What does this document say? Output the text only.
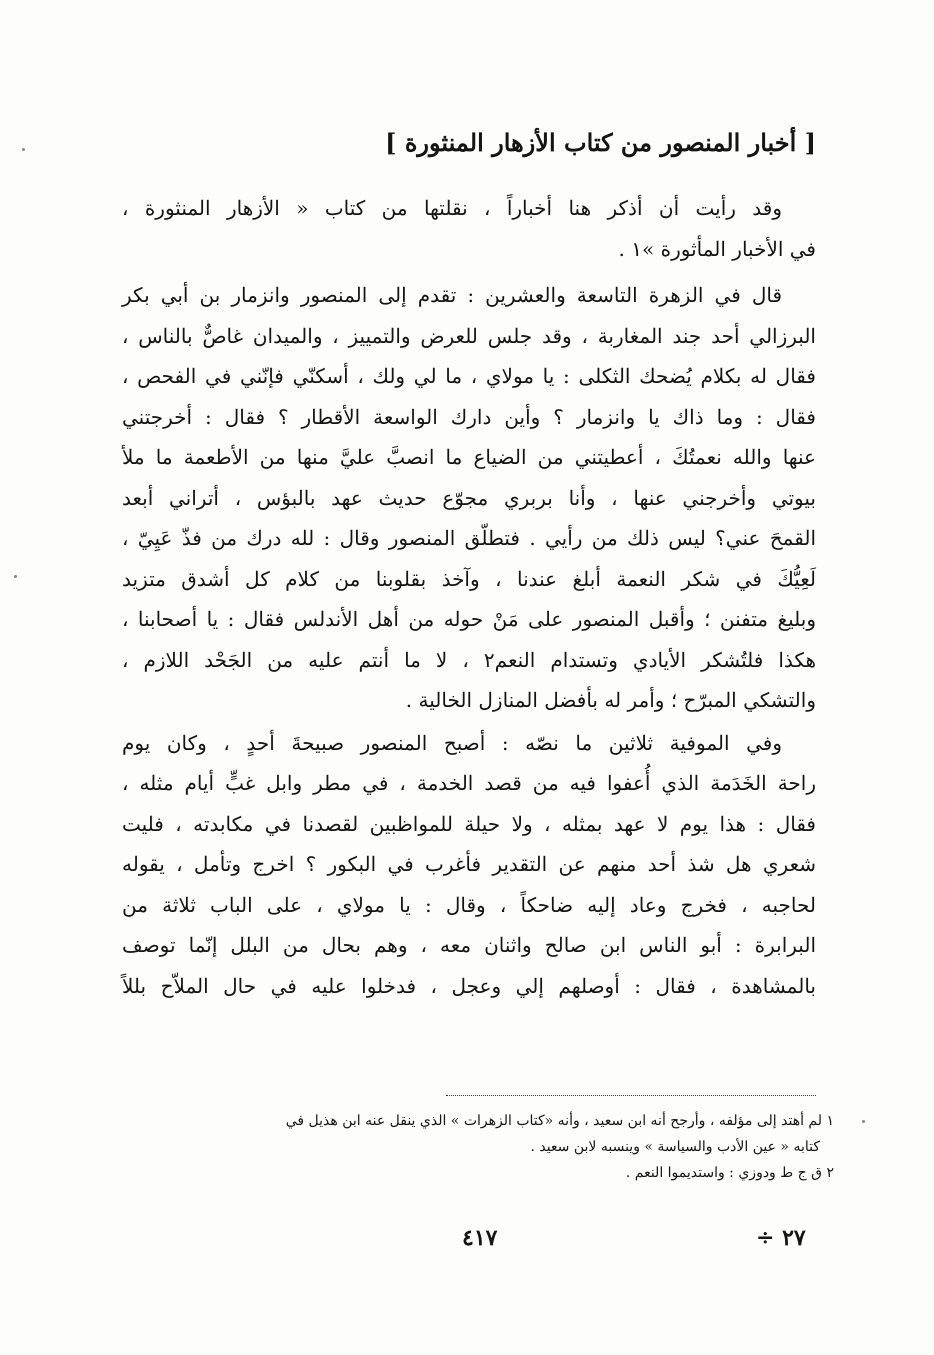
[ أخبار المنصور من كتاب الأزهار المنثورة ]
وقد رأيت أن أذكر هنا أخباراً ، نقلتها من كتاب « الأزهار المنثورة ،
في الأخبار المأثورة »١ .
قال في الزهرة التاسعة والعشرين : تقدم إلى المنصور وانزمار بن أبي بكر
البرزالي أحد جند المغاربة ، وقد جلس للعرض والتمييز ، والميدان غاصٌّ بالناس ،
فقال له بكلام يُضحك الثكلى : يا مولاي ، ما لي ولك ، أسكنّي فإنّني في الفحص ،
فقال : وما ذاك يا وانزمار ؟ وأين دارك الواسعة الأقطار ؟ فقال : أخرجتني
عنها والله نعمتُكَ ، أعطيتني من الضياع ما انصبَّ عليَّ منها من الأطعمة ما ملأ
بيوتي وأخرجني عنها ، وأنا بربري مجوّع حديث عهد بالبؤس ، أتراني أبعد
القمحَ عني؟ ليس ذلك من رأيي . فتطلّق المنصور وقال : لله درك من فذّ عَيِيّ ،
لَعِيُّكَ في شكر النعمة أبلغ عندنا ، وآخذ بقلوبنا من كلام كل أشدق متزيد
وبليغ متفنن ؛ وأقبل المنصور على مَنْ حوله من أهل الأندلس فقال : يا أصحابنا ،
هكذا فلتُشكر الأيادي وتستدام النعم٢ ، لا ما أنتم عليه من الجَحْد اللازم ،
والتشكي المبرّح ؛ وأمر له بأفضل المنازل الخالية .
وفي الموفية ثلاثين ما نصّه : أصبح المنصور صبيحةَ أحدٍ ، وكان يوم
راحة الخَدَمة الذي أُعفوا فيه من قصد الخدمة ، في مطر وابل غبٍّ أيام مثله ،
فقال : هذا يوم لا عهد بمثله ، ولا حيلة للمواظبين لقصدنا في مكابدته ، فليت
شعري هل شذ أحد منهم عن التقدير فأغرب في البكور ؟ اخرج وتأمل ، يقوله
لحاجبه ، فخرج وعاد إليه ضاحكاً ، وقال : يا مولاي ، على الباب ثلاثة من
البرابرة : أبو الناس ابن صالح واثنان معه ، وهم بحال من البلل إنّما توصف
بالمشاهدة ، فقال : أوصلهم إلي وعجل ، فدخلوا عليه في حال الملاّح بللاً
١ لم أهتد إلى مؤلفه ، وأرجح أنه ابن سعيد ، وأنه «كتاب الزهرات » الذي ينقل عنه ابن هذيل في
كتابه « عين الأدب والسياسة » وينسبه لابن سعيد .
٢ ق ج ط ودوزي : واستديموا النعم .
٤١٧	٢٧ ÷
